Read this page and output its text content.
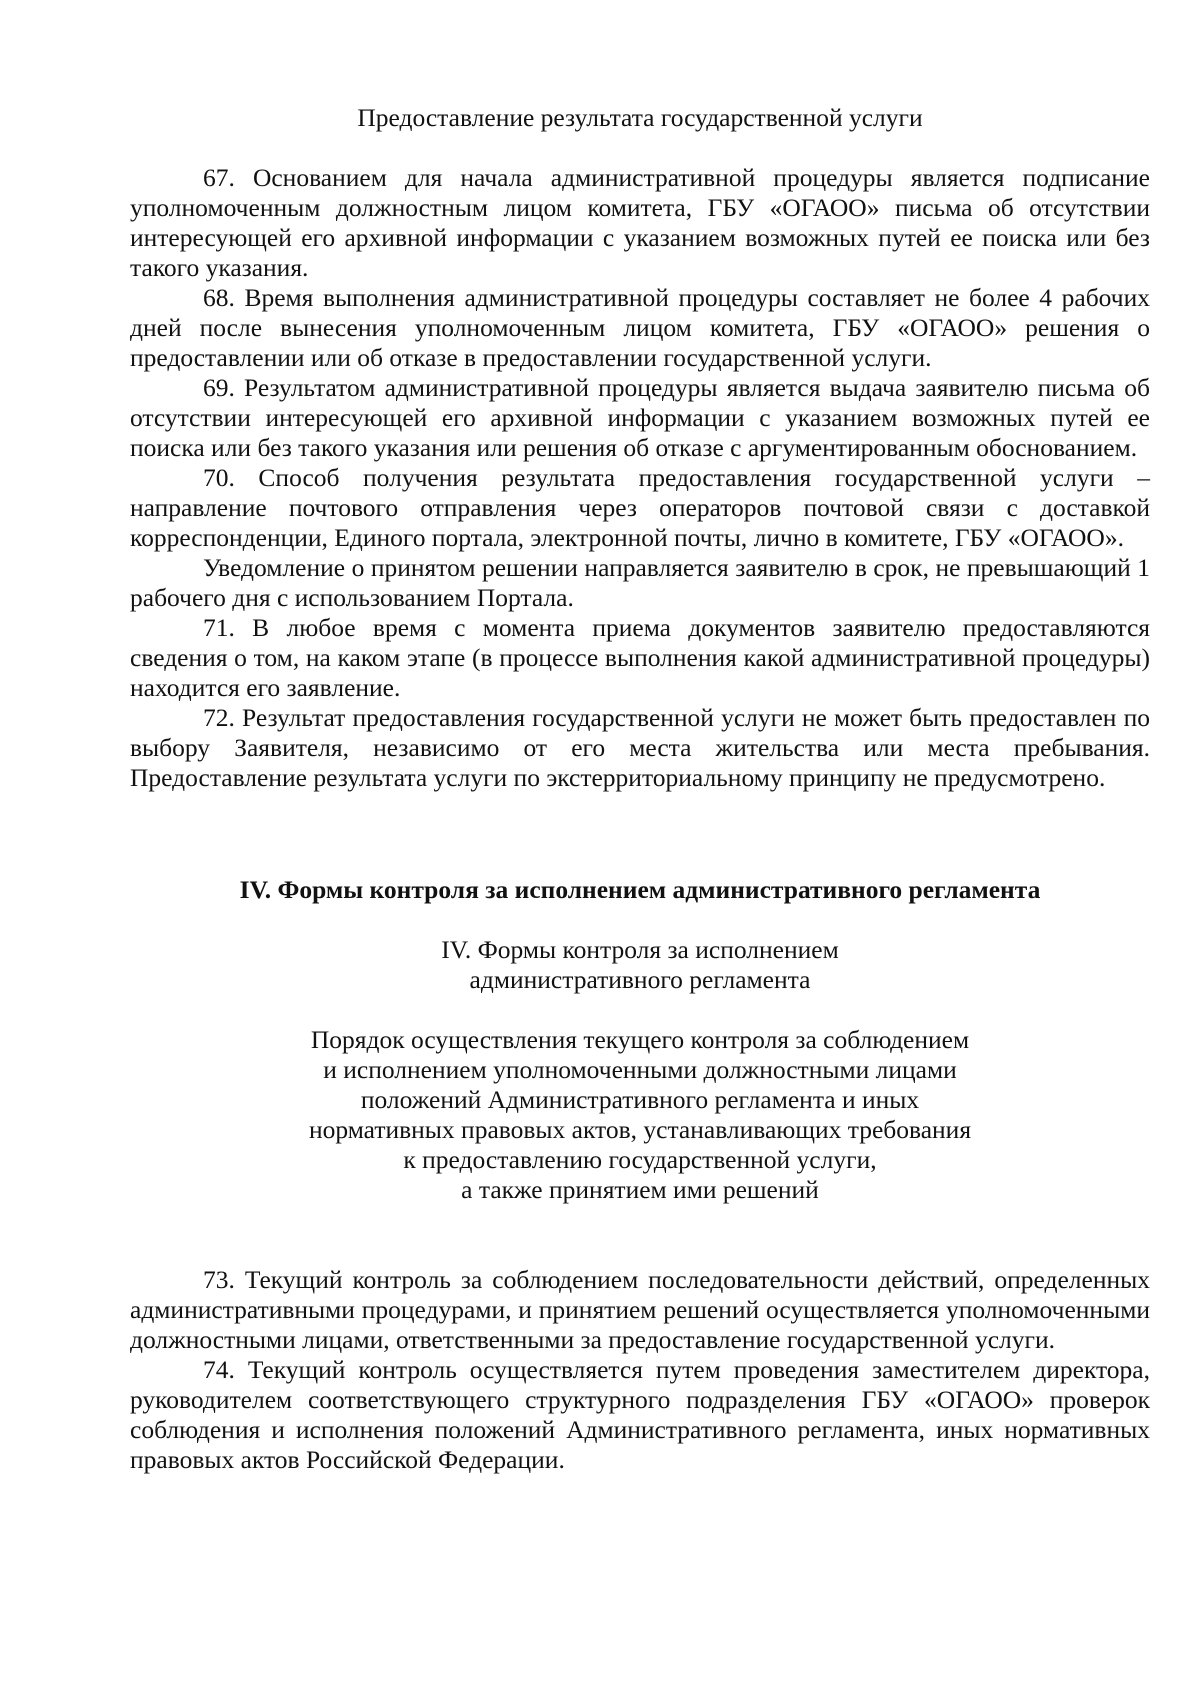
Предоставление результата государственной услуги

67. Основанием для начала административной процедуры является подписание уполномоченным должностным лицом комитета, ГБУ «ОГАОО» письма об отсутствии интересующей его архивной информации с указанием возможных путей ее поиска или без такого указания.

68. Время выполнения административной процедуры составляет не более 4 рабочих дней после вынесения уполномоченным лицом комитета, ГБУ «ОГАОО» решения о предоставлении или об отказе в предоставлении государственной услуги.

69. Результатом административной процедуры является выдача заявителю письма об отсутствии интересующей его архивной информации с указанием возможных путей ее поиска или без такого указания или решения об отказе с аргументированным обоснованием.

70. Способ получения результата предоставления государственной услуги – направление почтового отправления через операторов почтовой связи с доставкой корреспонденции, Единого портала, электронной почты, лично в комитете, ГБУ «ОГАОО».

Уведомление о принятом решении направляется заявителю в срок, не превышающий 1 рабочего дня с использованием Портала.

71. В любое время с момента приема документов заявителю предоставляются сведения о том, на каком этапе (в процессе выполнения какой административной процедуры) находится его заявление.

72. Результат предоставления государственной услуги не может быть предоставлен по выбору Заявителя, независимо от его места жительства или места пребывания. Предоставление результата услуги по экстерриториальному принципу не предусмотрено.

IV. Формы контроля за исполнением административного регламента

IV. Формы контроля за исполнением
административного регламента

Порядок осуществления текущего контроля за соблюдением
и исполнением уполномоченными должностными лицами
положений Административного регламента и иных
нормативных правовых актов, устанавливающих требования
к предоставлению государственной услуги,
а также принятием ими решений

73. Текущий контроль за соблюдением последовательности действий, определенных административными процедурами, и принятием решений осуществляется уполномоченными должностными лицами, ответственными за предоставление государственной услуги.

74. Текущий контроль осуществляется путем проведения заместителем директора, руководителем соответствующего структурного подразделения ГБУ «ОГАОО» проверок соблюдения и исполнения положений Административного регламента, иных нормативных правовых актов Российской Федерации.
